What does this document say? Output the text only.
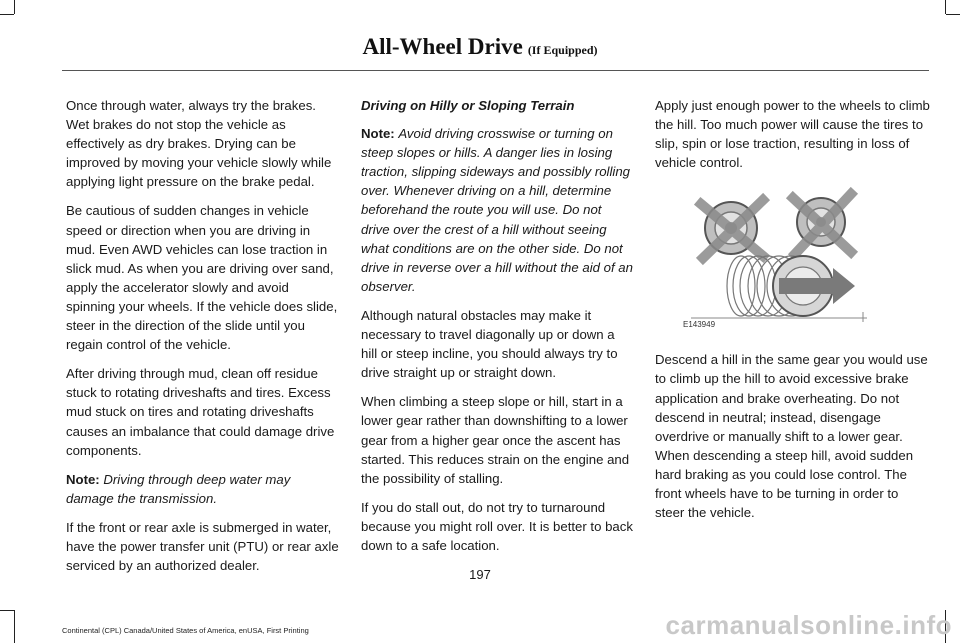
All-Wheel Drive (If Equipped)

Once through water, always try the brakes. Wet brakes do not stop the vehicle as effectively as dry brakes. Drying can be improved by moving your vehicle slowly while applying light pressure on the brake pedal.

Be cautious of sudden changes in vehicle speed or direction when you are driving in mud. Even AWD vehicles can lose traction in slick mud. As when you are driving over sand, apply the accelerator slowly and avoid spinning your wheels. If the vehicle does slide, steer in the direction of the slide until you regain control of the vehicle.

After driving through mud, clean off residue stuck to rotating driveshafts and tires. Excess mud stuck on tires and rotating driveshafts causes an imbalance that could damage drive components.

Note: Driving through deep water may damage the transmission.

If the front or rear axle is submerged in water, have the power transfer unit (PTU) or rear axle serviced by an authorized dealer.

Driving on Hilly or Sloping Terrain

Note: Avoid driving crosswise or turning on steep slopes or hills. A danger lies in losing traction, slipping sideways and possibly rolling over. Whenever driving on a hill, determine beforehand the route you will use. Do not drive over the crest of a hill without seeing what conditions are on the other side. Do not drive in reverse over a hill without the aid of an observer.

Although natural obstacles may make it necessary to travel diagonally up or down a hill or steep incline, you should always try to drive straight up or straight down.

When climbing a steep slope or hill, start in a lower gear rather than downshifting to a lower gear from a higher gear once the ascent has started. This reduces strain on the engine and the possibility of stalling.

If you do stall out, do not try to turnaround because you might roll over. It is better to back down to a safe location.

Apply just enough power to the wheels to climb the hill. Too much power will cause the tires to slip, spin or lose traction, resulting in loss of vehicle control.

E143949

Descend a hill in the same gear you would use to climb up the hill to avoid excessive brake application and brake overheating. Do not descend in neutral; instead, disengage overdrive or manually shift to a lower gear. When descending a steep hill, avoid sudden hard braking as you could lose control. The front wheels have to be turning in order to steer the vehicle.

197
Continental (CPL) Canada/United States of America, enUSA, First Printing	carmanualsonline.info
